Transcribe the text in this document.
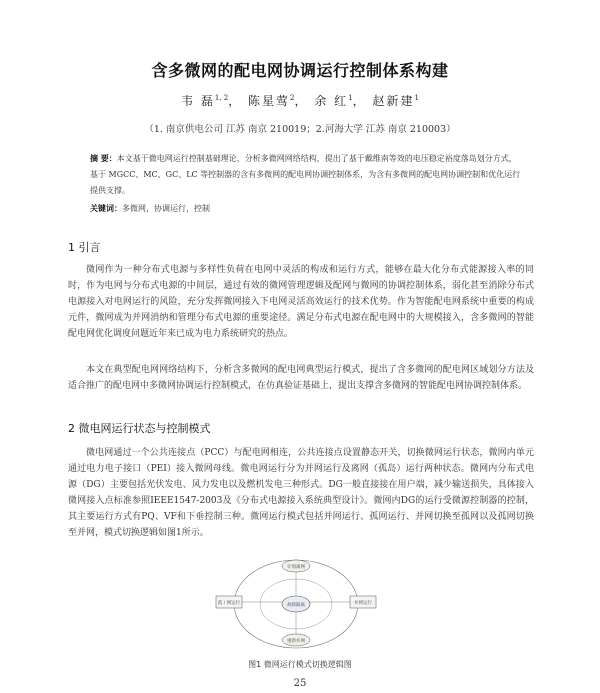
含多微网的配电网协调运行控制体系构建
韦 磊$^{1, 2}$， 陈星莺$^2$， 余 红$^1$， 赵新建$^1$
（1. 南京供电公司 江苏 南京 210019；2.河海大学 江苏 南京 210003）
摘 要：本文基于微电网运行控制基础理论，分析多微网网络结构，提出了基于戴维南等效的电压稳定裕度落岛划分方式，基于 MGCC、MC、GC、LC 等控制器的含有多微网的配电网协调控制体系，为含有多微网的配电网协调控制和优化运行提供支撑。
关键词：多微网，协调运行，控制
1 引言

微网作为一种分布式电源与多样性负荷在电网中灵活的构成和运行方式，能够在最大化分布式能源接入率的同时，作为电网与分布式电源的中间层，通过有效的微网管理逻辑及配网与微网的协调控制体系，弱化甚至消除分布式电源接入对电网运行的风险，充分发挥微网接入下电网灵活高效运行的技术优势。作为智能配电网系统中重要的构成元件，微网成为并网消纳和管理分布式电源的重要途径。满足分布式电源在配电网中的大规模接入，含多微网的智能配电网优化调度问题近年来已成为电力系统研究的热点。

本文在典型配电网网络结构下，分析含多微网的配电网典型运行模式，提出了含多微网的配电网区域划分方法及适合推广的配电网中多微网协调运行控制模式，在仿真验证基础上，提出支撑含多微网的智能配电网协调控制体系。

2 微电网运行状态与控制模式

微电网通过一个公共连接点（PCC）与配电网相连，公共连接点设置静态开关，切换微网运行状态，微网内单元通过电力电子接口（PEI）接入微网母线。微电网运行分为并网运行及离网（孤岛）运行两种状态。微网内分布式电源（DG）主要包括光伏发电、风力发电以及燃机发电三种形式。DG一般直接接在用户端，减少输送损失，具体接入微网接入点标准参照IEEE1547-2003及《分布式电源接入系统典型设计》。微网内DG的运行受微源控制器的控制，其主要运行方式有PQ、VF和下垂控制三种。微网运行模式包括并网运行、孤网运行、并网切换至孤网以及孤网切换至并网，模式切换逻辑如图1所示。

故障隔离
孤 / 网运行	并网运行
计划离网
重新并网
图1 微网运行模式切换逻辑图
25
